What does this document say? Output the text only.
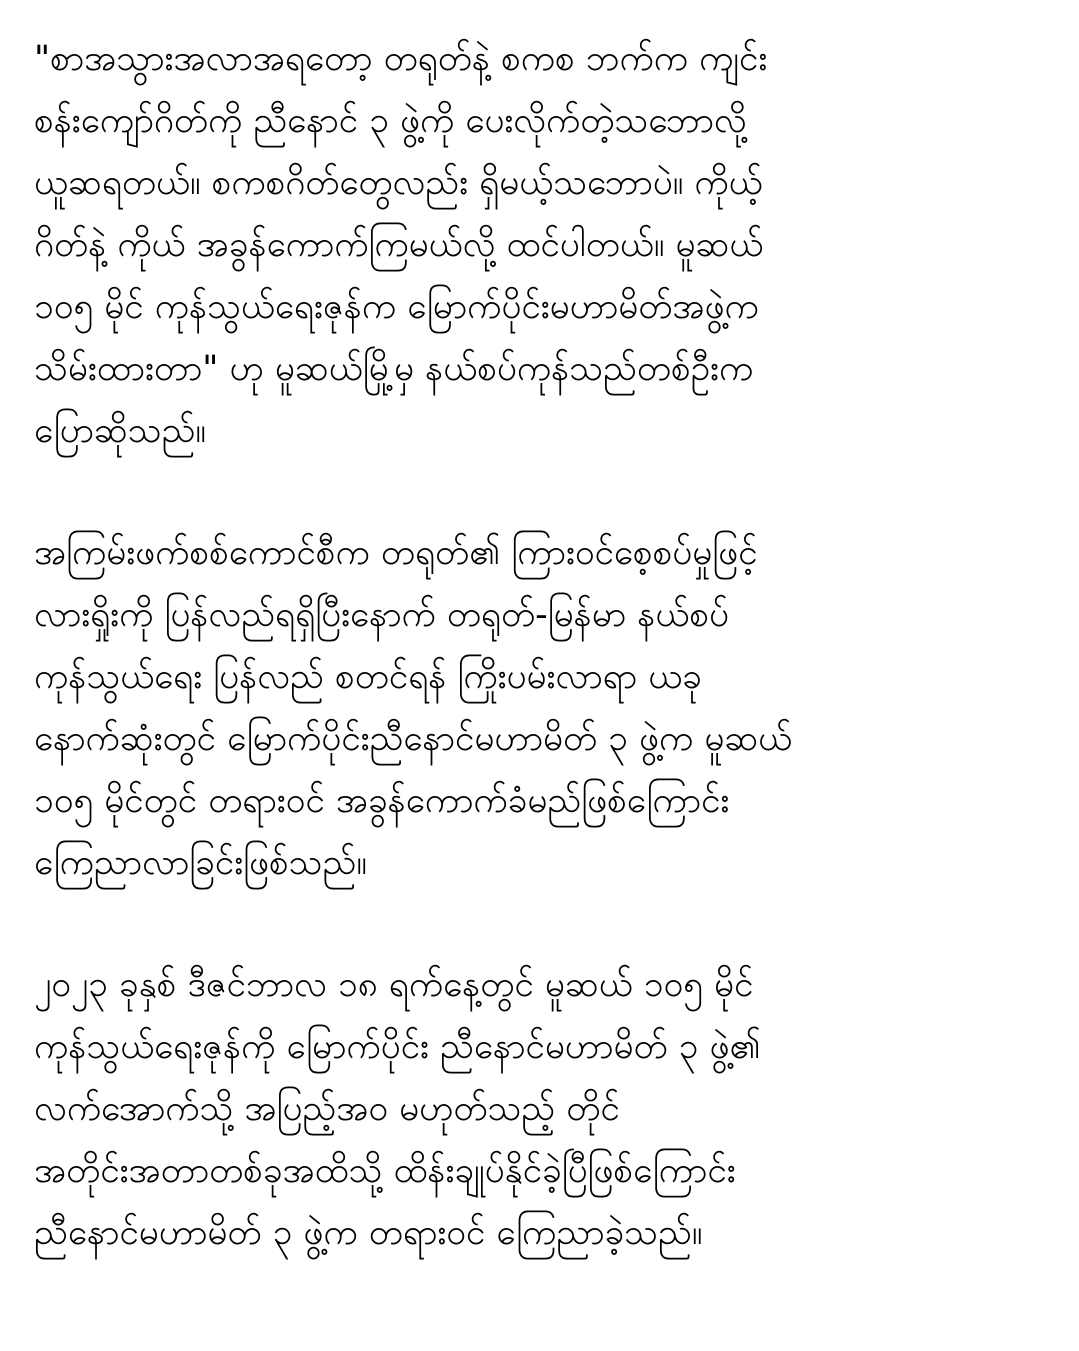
"စာအသွားအလာအရတော့ တရုတ်နဲ့ စကစ ဘက်က ကျင်း
စန်းကျော်ဂိတ်ကို ညီနောင် ၃ ဖွဲ့ကို ပေးလိုက်တဲ့သဘောလို့
ယူဆရတယ်။ စကစဂိတ်တွေလည်း ရှိမယ့်သဘောပဲ။ ကိုယ့်
ဂိတ်နဲ့ ကိုယ် အခွန်ကောက်ကြမယ်လို့ ထင်ပါတယ်။ မူဆယ်
၁၀၅ မိုင် ကုန်သွယ်ရေးဇုန်က မြောက်ပိုင်းမဟာမိတ်အဖွဲ့က
သိမ်းထားတာ" ဟု မူဆယ်မြို့မှ နယ်စပ်ကုန်သည်တစ်ဦးက
ပြောဆိုသည်။

အကြမ်းဖက်စစ်ကောင်စီက တရုတ်၏ ကြားဝင်စေ့စပ်မှုဖြင့်
လားရှိုးကို ပြန်လည်ရရှိပြီးနောက် တရုတ်-မြန်မာ နယ်စပ်
ကုန်သွယ်ရေး ပြန်လည် စတင်ရန် ကြိုးပမ်းလာရာ ယခု
နောက်ဆုံးတွင် မြောက်ပိုင်းညီနောင်မဟာမိတ် ၃ ဖွဲ့က မူဆယ်
၁၀၅ မိုင်တွင် တရားဝင် အခွန်ကောက်ခံမည်ဖြစ်ကြောင်း
ကြေညာလာခြင်းဖြစ်သည်။

၂၀၂၃ ခုနှစ် ဒီဇင်ဘာလ ၁၈ ရက်နေ့တွင် မူဆယ် ၁၀၅ မိုင်
ကုန်သွယ်ရေးဇုန်ကို မြောက်ပိုင်း ညီနောင်မဟာမိတ် ၃ ဖွဲ့၏
လက်အောက်သို့ အပြည့်အဝ မဟုတ်သည့် တိုင်
အတိုင်းအတာတစ်ခုအထိသို့ ထိန်းချုပ်နိုင်ခဲ့ပြီဖြစ်ကြောင်း
ညီနောင်မဟာမိတ် ၃ ဖွဲ့က တရားဝင် ကြေညာခဲ့သည်။
